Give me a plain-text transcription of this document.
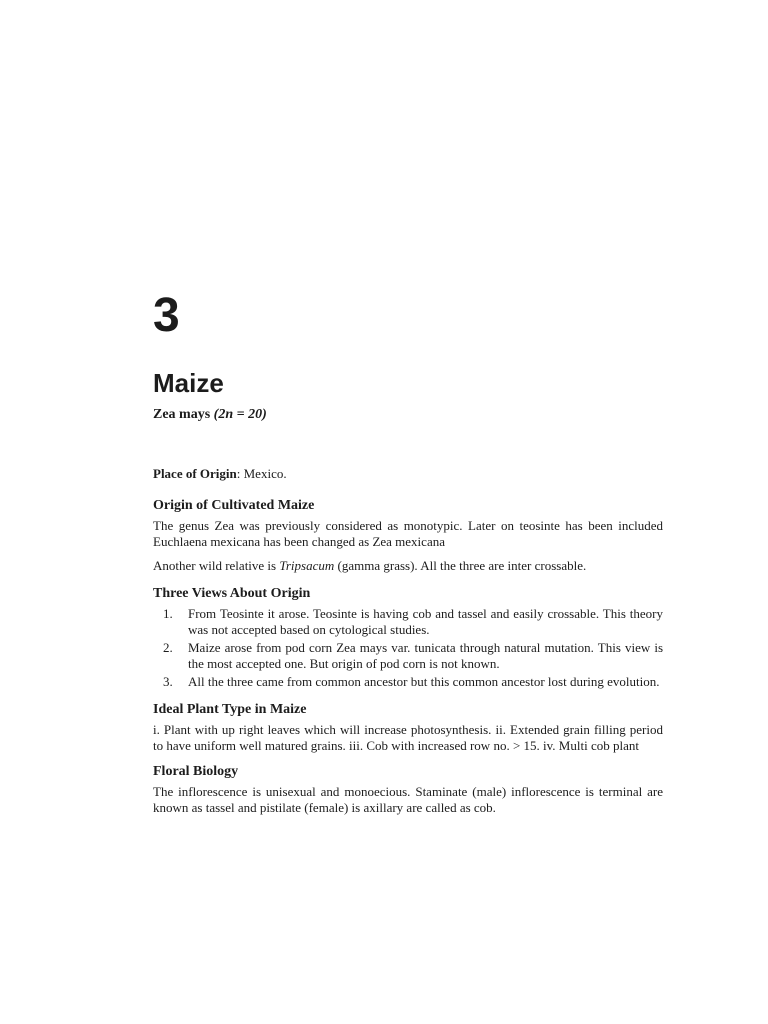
3
Maize
Zea mays (2n = 20)

Place of Origin: Mexico.

Origin of Cultivated Maize

The genus Zea was previously considered as monotypic. Later on teosinte has been included Euchlaena mexicana has been changed as Zea mexicana

Another wild relative is Tripsacum (gamma grass). All the three are inter crossable.

Three Views About Origin
1.	From Teosinte it arose. Teosinte is having cob and tassel and easily crossable. This theory was not accepted based on cytological studies.
2.	Maize arose from pod corn Zea mays var. tunicata through natural mutation. This view is the most accepted one. But origin of pod corn is not known.
3.	All the three came from common ancestor but this common ancestor lost during evolution.
Ideal Plant Type in Maize

i. Plant with up right leaves which will increase photosynthesis. ii. Extended grain filling period to have uniform well matured grains. iii. Cob with increased row no. > 15. iv. Multi cob plant

Floral Biology

The inflorescence is unisexual and monoecious. Staminate (male) inflorescence is terminal are known as tassel and pistilate (female) is axillary are called as cob.
